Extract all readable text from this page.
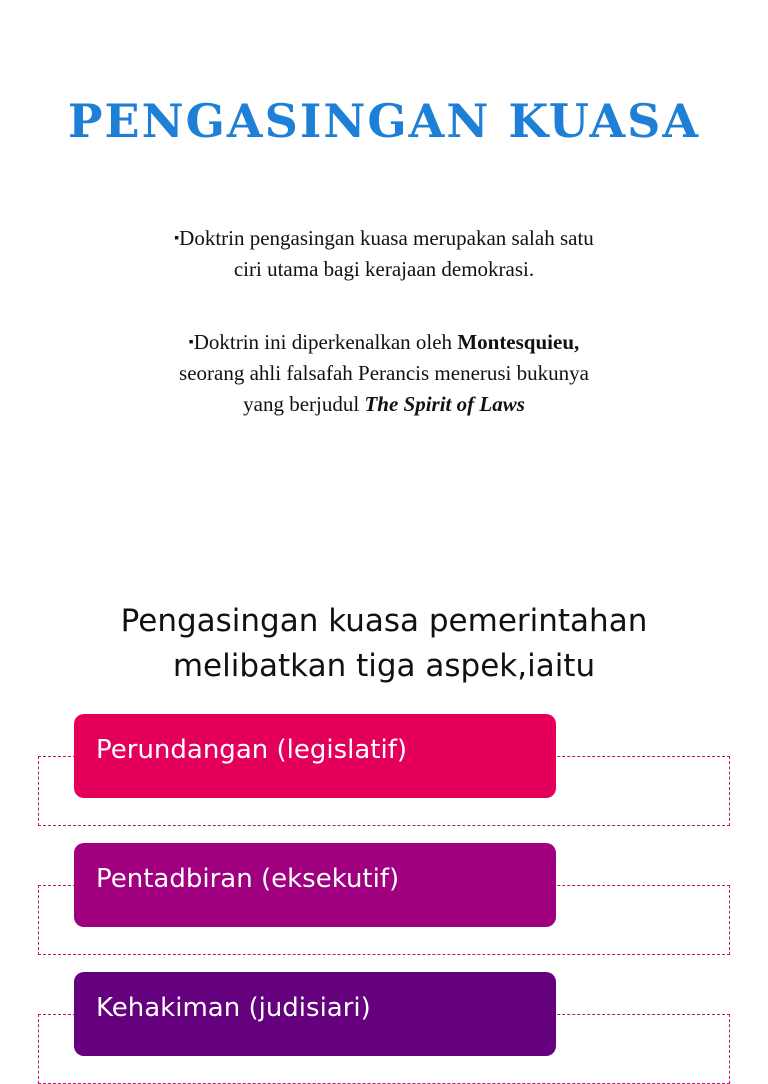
PENGASINGAN KUASA

▪Doktrin pengasingan kuasa merupakan salah satu
ciri utama bagi kerajaan demokrasi.

▪Doktrin ini diperkenalkan oleh Montesquieu,
seorang ahli falsafah Perancis menerusi bukunya
yang berjudul The Spirit of Laws

Pengasingan kuasa pemerintahan
melibatkan tiga aspek,iaitu

Perundangan (legislatif)
Pentadbiran (eksekutif)
Kehakiman (judisiari)
